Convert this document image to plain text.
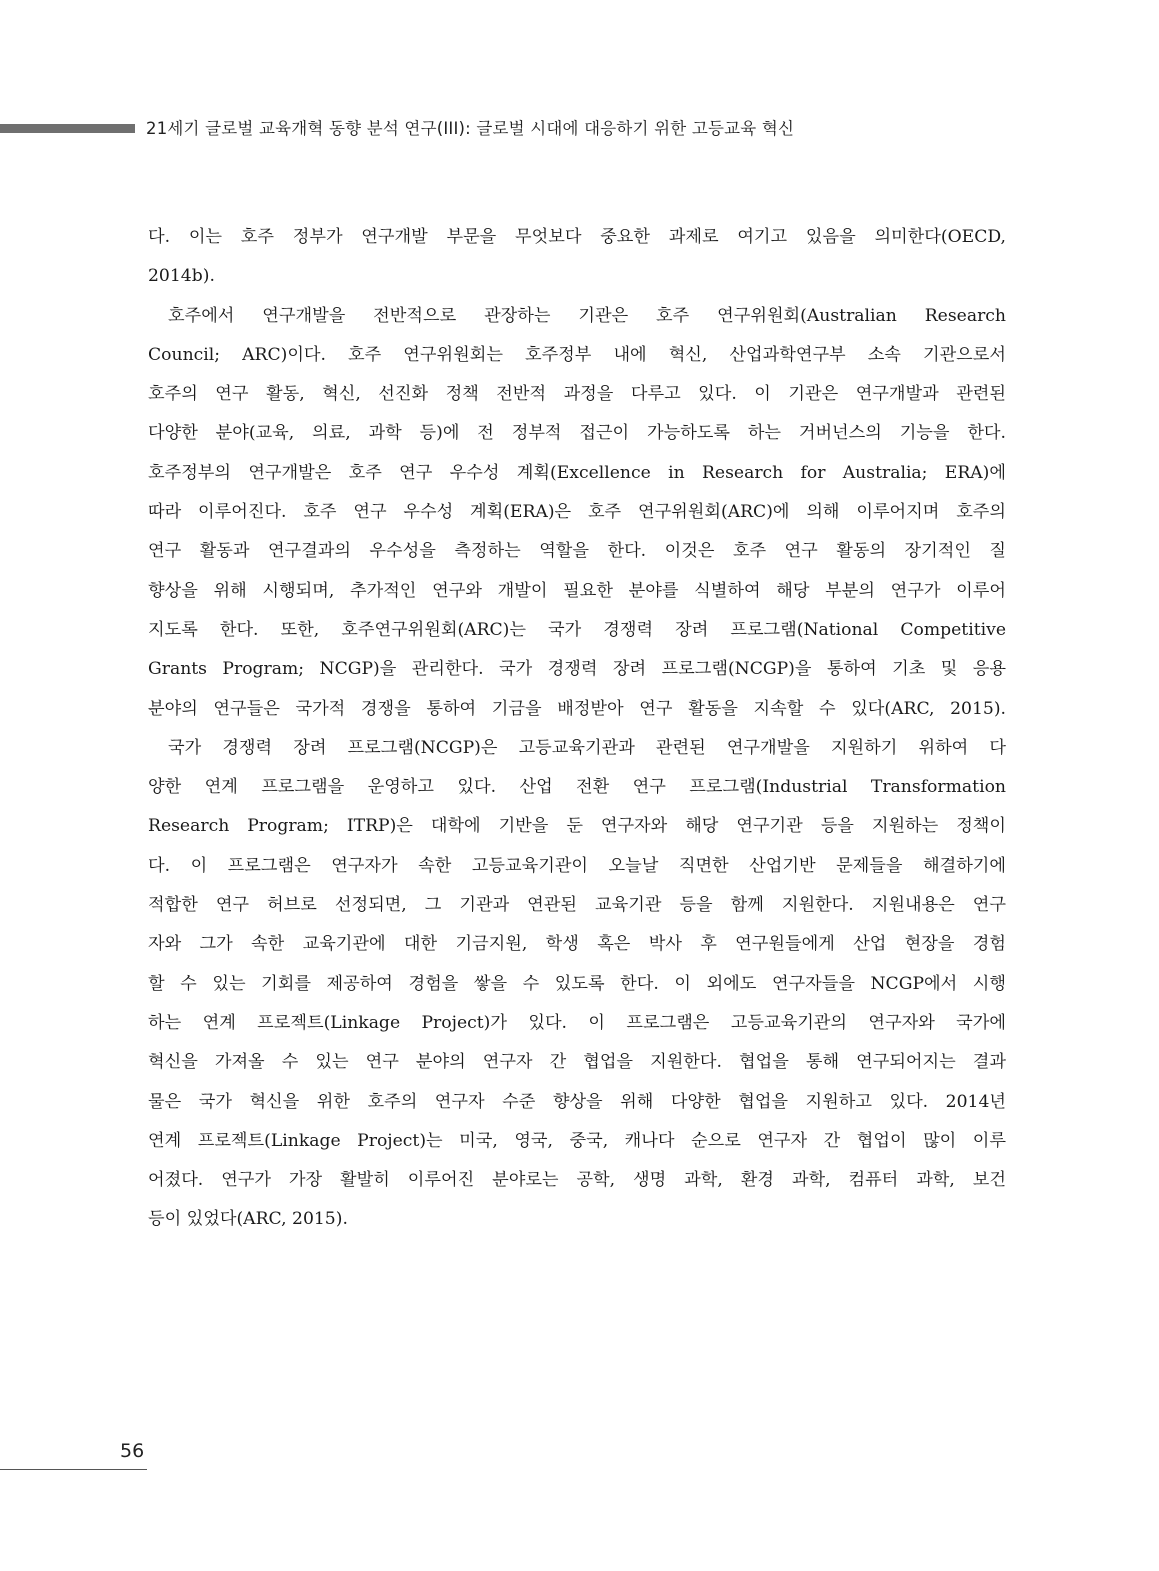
21세기 글로벌 교육개혁 동향 분석 연구(III): 글로벌 시대에 대응하기 위한 고등교육 혁신
다. 이는 호주 정부가 연구개발 부문을 무엇보다 중요한 과제로 여기고 있음을 의미한다(OECD,
2014b).
호주에서 연구개발을 전반적으로 관장하는 기관은 호주 연구위원회(Australian Research
Council; ARC)이다. 호주 연구위원회는 호주정부 내에 혁신, 산업과학연구부 소속 기관으로서
호주의 연구 활동, 혁신, 선진화 정책 전반적 과정을 다루고 있다. 이 기관은 연구개발과 관련된
다양한 분야(교육, 의료, 과학 등)에 전 정부적 접근이 가능하도록 하는 거버넌스의 기능을 한다.
호주정부의 연구개발은 호주 연구 우수성 계획(Excellence in Research for Australia; ERA)에
따라 이루어진다. 호주 연구 우수성 계획(ERA)은 호주 연구위원회(ARC)에 의해 이루어지며 호주의
연구 활동과 연구결과의 우수성을 측정하는 역할을 한다. 이것은 호주 연구 활동의 장기적인 질
향상을 위해 시행되며, 추가적인 연구와 개발이 필요한 분야를 식별하여 해당 부분의 연구가 이루어
지도록 한다. 또한, 호주연구위원회(ARC)는 국가 경쟁력 장려 프로그램(National Competitive
Grants Program; NCGP)을 관리한다. 국가 경쟁력 장려 프로그램(NCGP)을 통하여 기초 및 응용
분야의 연구들은 국가적 경쟁을 통하여 기금을 배정받아 연구 활동을 지속할 수 있다(ARC, 2015).
국가 경쟁력 장려 프로그램(NCGP)은 고등교육기관과 관련된 연구개발을 지원하기 위하여 다
양한 연계 프로그램을 운영하고 있다. 산업 전환 연구 프로그램(Industrial Transformation
Research Program; ITRP)은 대학에 기반을 둔 연구자와 해당 연구기관 등을 지원하는 정책이
다. 이 프로그램은 연구자가 속한 고등교육기관이 오늘날 직면한 산업기반 문제들을 해결하기에
적합한 연구 허브로 선정되면, 그 기관과 연관된 교육기관 등을 함께 지원한다. 지원내용은 연구
자와 그가 속한 교육기관에 대한 기금지원, 학생 혹은 박사 후 연구원들에게 산업 현장을 경험
할 수 있는 기회를 제공하여 경험을 쌓을 수 있도록 한다. 이 외에도 연구자들을 NCGP에서 시행
하는 연계 프로젝트(Linkage Project)가 있다. 이 프로그램은 고등교육기관의 연구자와 국가에
혁신을 가져올 수 있는 연구 분야의 연구자 간 협업을 지원한다. 협업을 통해 연구되어지는 결과
물은 국가 혁신을 위한 호주의 연구자 수준 향상을 위해 다양한 협업을 지원하고 있다. 2014년
연계 프로젝트(Linkage Project)는 미국, 영국, 중국, 캐나다 순으로 연구자 간 협업이 많이 이루
어졌다. 연구가 가장 활발히 이루어진 분야로는 공학, 생명 과학, 환경 과학, 컴퓨터 과학, 보건
등이 있었다(ARC, 2015).
56
